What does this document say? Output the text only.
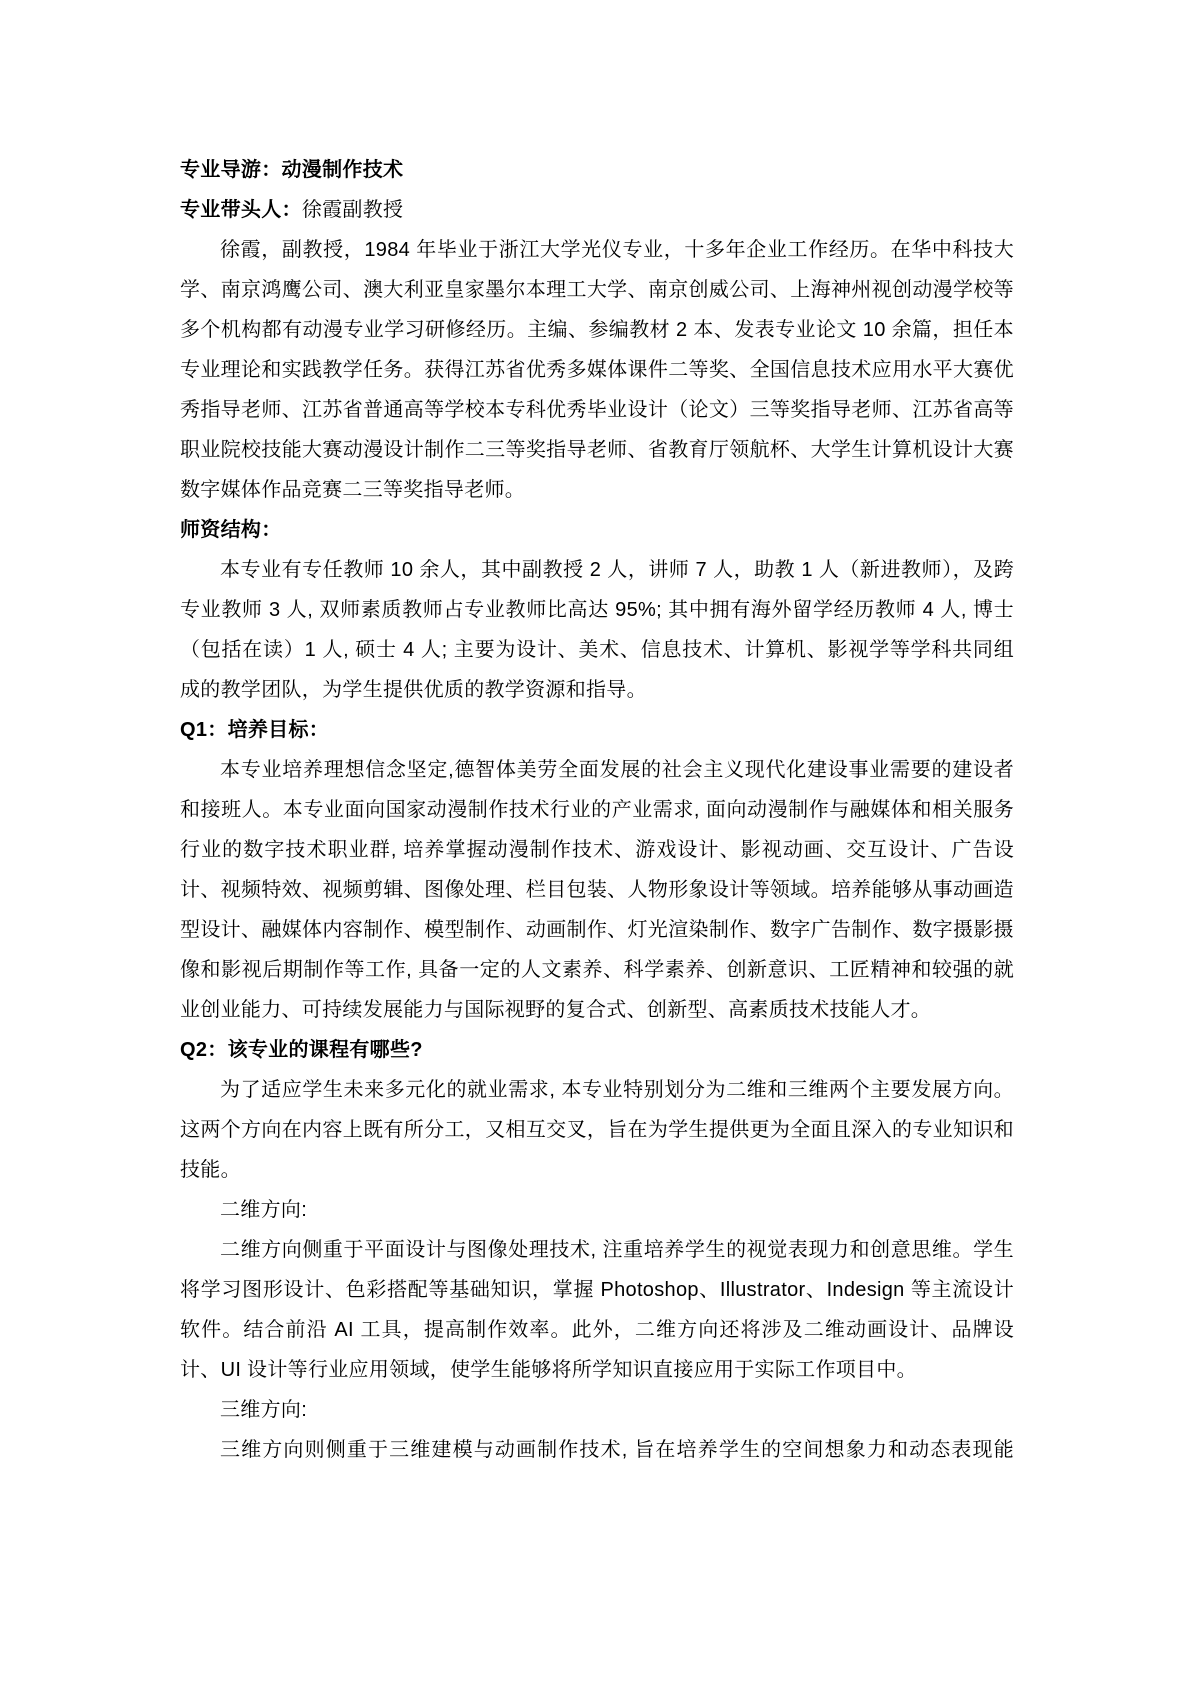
专业导游：动漫制作技术
专业带头人：徐霞副教授

徐霞，副教授，1984 年毕业于浙江大学光仪专业，十多年企业工作经历。在华中科技大学、南京鸿鹰公司、澳大利亚皇家墨尔本理工大学、南京创威公司、上海神州视创动漫学校等多个机构都有动漫专业学习研修经历。主编、参编教材 2 本、发表专业论文 10 余篇，担任本专业理论和实践教学任务。获得江苏省优秀多媒体课件二等奖、全国信息技术应用水平大赛优秀指导老师、江苏省普通高等学校本专科优秀毕业设计（论文）三等奖指导老师、江苏省高等职业院校技能大赛动漫设计制作二三等奖指导老师、省教育厅领航杯、大学生计算机设计大赛数字媒体作品竞赛二三等奖指导老师。

师资结构：

本专业有专任教师 10 余人，其中副教授 2 人，讲师 7 人，助教 1 人（新进教师），及跨专业教师 3 人, 双师素质教师占专业教师比高达 95%; 其中拥有海外留学经历教师 4 人, 博士（包括在读）1 人, 硕士 4 人; 主要为设计、美术、信息技术、计算机、影视学等学科共同组成的教学团队，为学生提供优质的教学资源和指导。

Q1：培养目标：

本专业培养理想信念坚定,德智体美劳全面发展的社会主义现代化建设事业需要的建设者和接班人。本专业面向国家动漫制作技术行业的产业需求, 面向动漫制作与融媒体和相关服务行业的数字技术职业群, 培养掌握动漫制作技术、游戏设计、影视动画、交互设计、广告设计、视频特效、视频剪辑、图像处理、栏目包装、人物形象设计等领域。培养能够从事动画造型设计、融媒体内容制作、模型制作、动画制作、灯光渲染制作、数字广告制作、数字摄影摄像和影视后期制作等工作, 具备一定的人文素养、科学素养、创新意识、工匠精神和较强的就业创业能力、可持续发展能力与国际视野的复合式、创新型、高素质技术技能人才。

Q2：该专业的课程有哪些?

为了适应学生未来多元化的就业需求, 本专业特别划分为二维和三维两个主要发展方向。这两个方向在内容上既有所分工，又相互交叉，旨在为学生提供更为全面且深入的专业知识和技能。

二维方向:

二维方向侧重于平面设计与图像处理技术, 注重培养学生的视觉表现力和创意思维。学生将学习图形设计、色彩搭配等基础知识，掌握 Photoshop、Illustrator、Indesign 等主流设计软件。结合前沿 AI 工具，提高制作效率。此外，二维方向还将涉及二维动画设计、品牌设计、UI 设计等行业应用领域，使学生能够将所学知识直接应用于实际工作项目中。

三维方向:

三维方向则侧重于三维建模与动画制作技术, 旨在培养学生的空间想象力和动态表现能
